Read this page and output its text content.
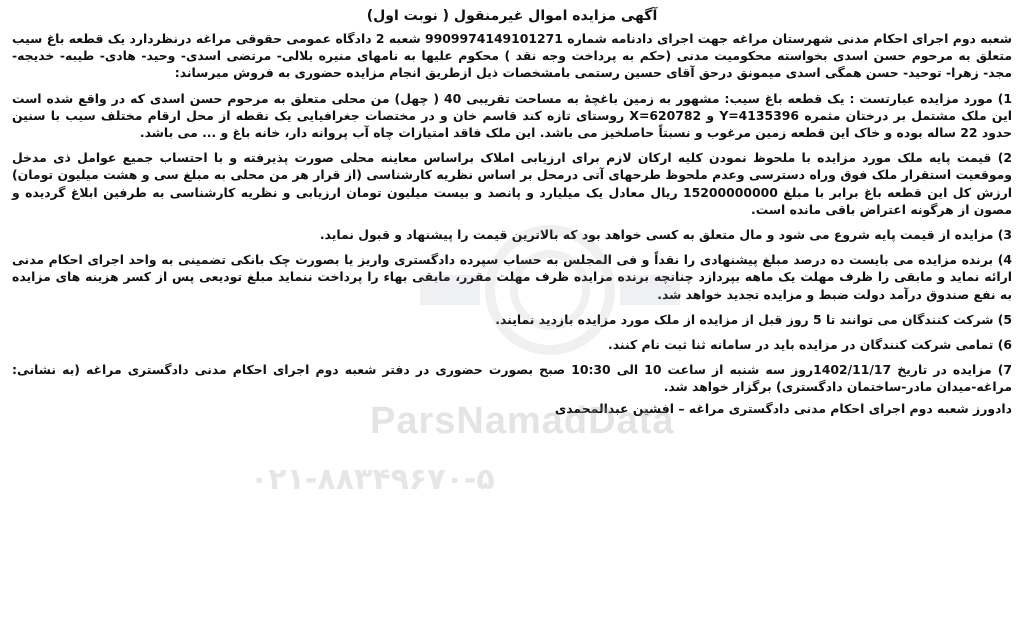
آگهی مزایده اموال غیرمنقول ( نوبت اول)

شعبه دوم اجرای احکام مدنی شهرستان مراغه جهت اجرای دادنامه شماره 9909974149101271 شعبه 2 دادگاه عمومی حقوقی مراغه درنظردارد یک قطعه باغ سیب متعلق به مرحوم حسن اسدی بخواسته محکومیت مدنی (حکم به پرداخت وجه نقد ) محکوم علیها به نامهای منیره بلالی- مرتضی اسدی- وحید- هادی- طیبه- خدیجه- مجد- زهرا- توحید- حسن همگی اسدی میمونق درحق آقای حسین رستمی بامشخصات ذیل ازطریق انجام مزایده حضوری به فروش میرساند:

1) مورد مزایده عبارتست : یک قطعه باغ سیب: مشهور به زمین باغچهٔ به مساحت تقریبی 40 ( چهل) من محلی متعلق به مرحوم حسن اسدی که در واقع شده است این ملک مشتمل بر درختان مثمره Y=4135396 و X=620782 روستای تازه کند قاسم خان و در مختصات جغرافیایی یک نقطه از محل ارقام مختلف سیب با سنین حدود 22 ساله بوده و خاک این قطعه زمین مرغوب و نسبتاً حاصلخیز می باشد. این ملک فاقد امتیازات چاه آب پروانه دار، خانه باغ و ... می باشد.

2) قیمت پایه ملک مورد مزایده با ملحوظ نمودن کلیه ارکان لازم برای ارزیابی املاک براساس معاینه محلی صورت پذیرفته و با احتساب جمیع عوامل ذی مدخل وموقعیت استقرار ملک فوق وراه دسترسی وعدم ملحوظ طرحهای آتی درمحل بر اساس نظریه کارشناسی (از قرار هر من محلی به مبلغ سی و هشت میلیون تومان) ارزش کل این قطعه باغ برابر با مبلغ 15200000000 ریال معادل یک میلیارد و پانصد و بیست میلیون تومان ارزیابی و نظریه کارشناسی به طرفین ابلاغ گردیده و مصون از هرگونه اعتراض باقی مانده است.

3) مزایده از قیمت پایه شروع می شود و مال متعلق به کسی خواهد بود که بالاترین قیمت را پیشنهاد و قبول نماید.

4) برنده مزایده می بایست ده درصد مبلغ پیشنهادی را نقداً و فی المجلس به حساب سپرده دادگستری واریز یا بصورت چک بانکی تضمینی به واحد اجرای احکام مدنی ارائه نماید و مابقی را ظرف مهلت یک ماهه بپردازد چنانچه برنده مزایده ظرف مهلت مقرر، مابقی بهاء را پرداخت ننماید مبلغ تودیعی پس از کسر هزینه های مزایده به نفع صندوق درآمد دولت ضبط و مزایده تجدید خواهد شد.

5) شرکت کنندگان می توانند تا 5 روز قبل از مزایده از ملک مورد مزایده بازدید نمایند.

6) تمامی شرکت کنندگان در مزایده باید در سامانه ثنا ثبت نام کنند.

7) مزایده در تاریخ 1402/11/17روز سه شنبه از ساعت 10 الی 10:30 صبح بصورت حضوری در دفتر شعبه دوم اجرای احکام مدنی دادگستری مراغه (به نشانی: مراغه-میدان مادر-ساختمان دادگستری) برگزار خواهد شد.

دادورز شعبه دوم اجرای احکام مدنی دادگستری مراغه – افشین عبدالمحمدی
ParsNamadData
۰۲۱-۸۸۳۴۹۶۷۰-۵
